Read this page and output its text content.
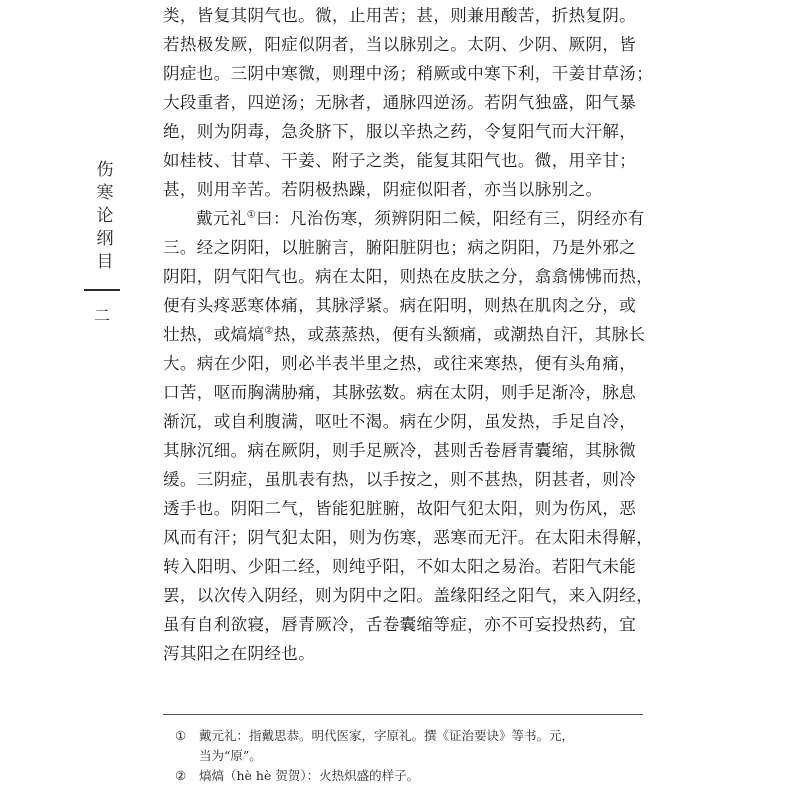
伤寒论纲目
二
类，皆复其阴气也。微，止用苦；甚，则兼用酸苦，折热复阴。
若热极发厥，阳症似阴者，当以脉别之。太阴、少阴、厥阴，皆
阴症也。三阴中寒微，则理中汤；稍厥或中寒下利，干姜甘草汤；
大段重者，四逆汤；无脉者，通脉四逆汤。若阴气独盛，阳气暴
绝，则为阴毒，急灸脐下，服以辛热之药，令复阳气而大汗解，
如桂枝、甘草、干姜、附子之类，能复其阳气也。微，用辛甘；
甚，则用辛苦。若阴极热躁，阴症似阳者，亦当以脉别之。
戴元礼①曰：凡治伤寒，须辨阴阳二候，阳经有三，阴经亦有
三。经之阴阳，以脏腑言，腑阳脏阴也；病之阴阳，乃是外邪之
阴阳，阴气阳气也。病在太阳，则热在皮肤之分，翕翕怫怫而热，
便有头疼恶寒体痛，其脉浮紧。病在阳明，则热在肌肉之分，或
壮热，或熇熇②热，或蒸蒸热，便有头额痛，或潮热自汗，其脉长
大。病在少阳，则必半表半里之热，或往来寒热，便有头角痛，
口苦，呕而胸满胁痛，其脉弦数。病在太阴，则手足渐冷，脉息
渐沉，或自利腹满，呕吐不渴。病在少阴，虽发热，手足自冷，
其脉沉细。病在厥阴，则手足厥冷，甚则舌卷唇青囊缩，其脉微
缓。三阴症，虽肌表有热，以手按之，则不甚热，阴甚者，则冷
透手也。阴阳二气，皆能犯脏腑，故阳气犯太阳，则为伤风，恶
风而有汗；阴气犯太阳，则为伤寒，恶寒而无汗。在太阳未得解，
转入阳明、少阳二经，则纯乎阳，不如太阳之易治。若阳气未能
罢，以次传入阴经，则为阴中之阳。盖缘阳经之阳气，来入阴经，
虽有自利欲寝，唇青厥冷，舌卷囊缩等症，亦不可妄投热药，宜
泻其阳之在阴经也。
① 戴元礼：指戴思恭。明代医家，字原礼。撰《证治要诀》等书。元，
当为“原”。
② 熇熇（hè hè 贺贺）：火热炽盛的样子。
